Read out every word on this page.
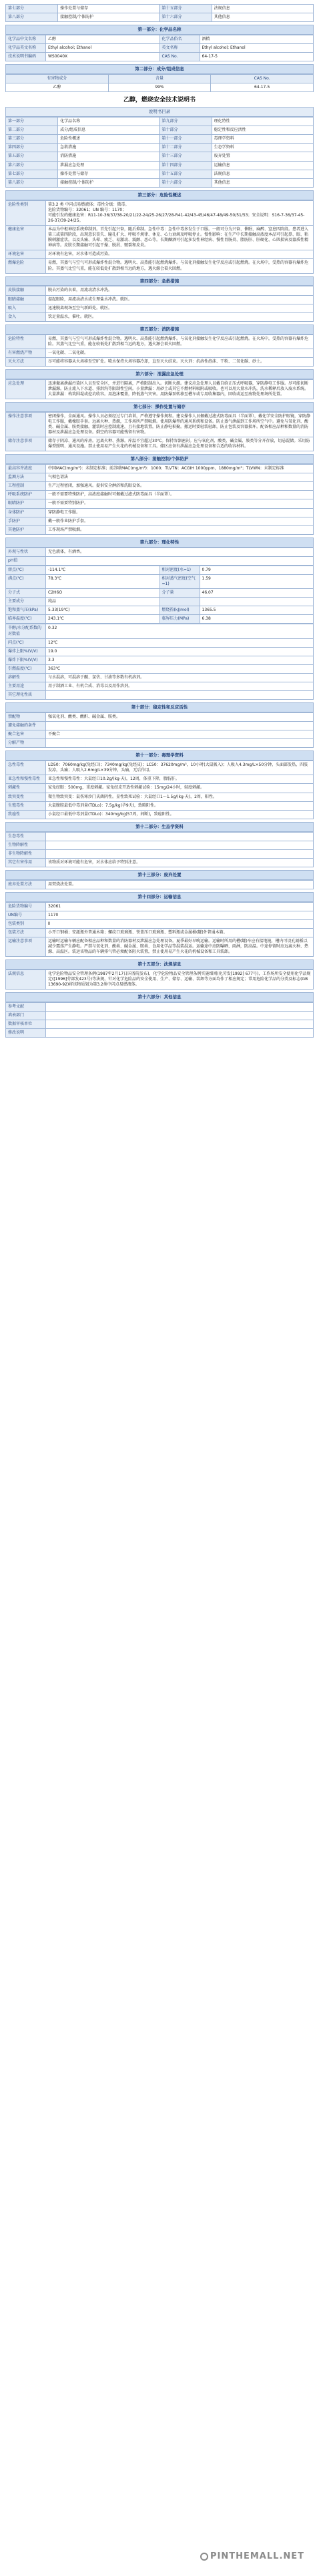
第七部分	操作处置与储存	第十五部分	法规信息
第八部分	接触控制/个体防护	第十六部分	其他信息
第一部分：化学品名称
化学品中文名称	乙醇	化学品俗名	酒精
化学品英文名称	Ethyl alcohol; Ethanol	英文名称	Ethyl alcohol; Ethanol
技术说明书编码	WS0040X	CAS No.	64-17-5
第二部分：成分/组成信息
有害物成分	含量	CAS No.
乙醇	99%	64-17-5
乙醇，燃烧安全技术说明书
说明书目录
第一部分	化学品名称	第九部分	理化特性
第二部分	成分/组成信息	第十部分	稳定性和反应活性
第三部分	危险性概述	第十一部分	毒理学资料
第四部分	急救措施	第十二部分	生态学资料
第五部分	消防措施	第十三部分	废弃处置
第六部分	泄漏应急处理	第十四部分	运输信息
第七部分	操作处置与储存	第十五部分	法规信息
第八部分	接触控制/个体防护	第十六部分	其他信息
第三部分：危险性概述
危险性类别	第3.2 类 中闪点易燃液体；毒性分级：微毒。
危险货物编号：32061；UN 编号：1170；
可能引发的健康危害：R11-10-36/37/38-20/21/22-24/25-26/27/28-R41-42/43-45/46/47-48/49-50/51/53；安全说明：S16-7-36/37-45-26-37/39-24/25。
健康危害	本品为中枢神经系统抑制剂。首先引起兴奋，随后抑制。急性中毒：急性中毒多发生于口服。一般可分为兴奋、催眠、麻醉、窒息四阶段。患者进入第三或第四阶段，出现意识丧失、瞳孔扩大、呼吸不规律、休克、心力衰竭及呼吸停止。慢性影响：在生产中长期接触高浓度本品可引起鼻、眼、粘膜刺激症状，以及头痛、头晕、疲乏、易激动、震颤、恶心等。长期酗酒可引起多发性神经病、慢性胃肠炎、脂肪肝、肝硬化、心肌损害及器质性精神病等。皮肤长期接触可引起干燥、脱屑、皲裂和皮炎。
环境危害	对环境有危害，对水体可造成污染。
燃爆危险	易燃，其蒸气与空气可形成爆炸性混合物。遇明火、高热能引起燃烧爆炸。与氧化剂接触发生化学反应或引起燃烧。在火场中，受热的容器有爆炸危险。其蒸气比空气重，能在较低处扩散到相当远的地方，遇火源会着火回燃。
第四部分：急救措施
皮肤接触	脱去污染的衣着，用流动清水冲洗。
眼睛接触	提起眼睑，用流动清水或生理盐水冲洗。就医。
吸入	迅速脱离现场至空气新鲜处。就医。
食入	饮足量温水，催吐。就医。
第五部分：消防措施
危险特性	易燃，其蒸气与空气可形成爆炸性混合物。遇明火、高热能引起燃烧爆炸。与氧化剂接触发生化学反应或引起燃烧。在火场中，受热的容器有爆炸危险。其蒸气比空气重，能在较低处扩散到相当远的地方，遇火源会着火回燃。
有害燃烧产物	一氧化碳、二氧化碳。
灭火方法	尽可能将容器从火场移至空旷处。喷水保持火场容器冷却，直至灭火结束。灭火剂：抗溶性泡沫、干粉、二氧化碳、砂土。
第六部分：泄漏应急处理
应急处理	迅速撤离泄漏污染区人员至安全区，并进行隔离，严格限制出入。切断火源。建议应急处理人员戴自给正压式呼吸器，穿防静电工作服。尽可能切断泄漏源。防止流入下水道、排洪沟等限制性空间。小量泄漏：用砂土或其它不燃材料吸附或吸收。也可以用大量水冲洗，洗水稀释后放入废水系统。大量泄漏：构筑围堤或挖坑收容。用泡沫覆盖，降低蒸气灾害。用防爆泵转移至槽车或专用收集器内，回收或运至废物处理场所处置。
第七部分：操作处置与储存
操作注意事项	密闭操作，全面通风。操作人员必须经过专门培训，严格遵守操作规程。建议操作人员佩戴过滤式防毒面具（半面罩），戴化学安全防护眼镜，穿防静电工作服，戴橡胶手套。远离火种、热源，工作场所严禁吸烟。使用防爆型的通风系统和设备。防止蒸气泄漏到工作场所空气中。避免与氧化剂、酸类、碱金属、胺类接触。灌装时应控制流速，且有接地装置，防止静电积聚。搬运时要轻装轻卸，防止包装及容器损坏。配备相应品种和数量的消防器材及泄漏应急处理设备。倒空的容器可能残留有害物。
储存注意事项	储存于阴凉、通风的库房。远离火种、热源。库温不宜超过30℃。保持容器密封。应与氧化剂、酸类、碱金属、胺类等分开存放，切忌混储。采用防爆型照明、通风设施。禁止使用易产生火花的机械设备和工具。储区应备有泄漏应急处理设备和合适的收容材料。
第八部分：接触控制/个体防护
最高容许浓度	中国MAC(mg/m³)：未制定标准；前苏联MAC(mg/m³)：1000；TLVTN：ACGIH 1000ppm，1880mg/m³；TLVWN：未制定标准
监测方法	气相色谱法
工程控制	生产过程密闭，加强通风。提供安全淋浴和洗眼设备。
呼吸系统防护	一般不需要特殊防护，高浓度接触时可佩戴过滤式防毒面具（半面罩）。
眼睛防护	一般不需要特别防护。
身体防护	穿防静电工作服。
手防护	戴一般作业防护手套。
其他防护	工作现场严禁吸烟。
第九部分：理化特性
外观与性状	无色液体，有酒香。
pH值	
熔点(℃)	-114.1℃	相对密度(水=1)	0.79
沸点(℃)	78.3℃	相对蒸气密度(空气=1)	1.59
分子式	C2H6O	分子量	46.07
主要成分	纯品		
饱和蒸气压(kPa)	5.33(19℃)	燃烧热(kJ/mol)	1365.5
临界温度(℃)	243.1℃	临界压力(MPa)	6.38
辛醇/水分配系数的对数值	0.32
闪点(℃)	12℃
爆炸上限%(V/V)	19.0
爆炸下限%(V/V)	3.3
引燃温度(℃)	363℃
溶解性	与水混溶，可混溶于醚、氯仿、甘油等多数有机溶剂。
主要用途	用于制酒工业、有机合成、消毒以及用作溶剂。
其它理化性质	
第十部分：稳定性和反应活性
禁配物	强氧化剂、酸类、酸酐、碱金属、胺类。
避免接触的条件	
聚合危害	不聚合
分解产物	
第十一部分：毒理学资料
急性毒性	LD50：7060mg/kg(兔经口)；7340mg/kg(兔经皮)；LC50：37620mg/m³，10小时(大鼠吸入)；人吸入4.3mg/L×50分钟，头面部发热，四肢发凉，头痛；人吸入2.6mg/L×39分钟，头痛，无后作用。
亚急性和慢性毒性	亚急性和慢性毒性：大鼠经口10.2g/(kg·天)，12周，体重下降，脂肪肝。
刺激性	家兔经眼：500mg，重度刺激。家兔经皮开放性刺激试验：15mg/24小时，轻度刺激。
致突变性	微生物致突变：鼠伤寒沙门氏菌阴性。显性致死试验：大鼠经口1～1.5g/(kg·天)，2周，阳性。
生殖毒性	大鼠腹腔最低中毒剂量(TDLo)：7.5g/kg(孕9天)，致畸阳性。
致癌性	小鼠经口最低中毒剂量(TDLo)：340mg/kg(57周，间断)，致癌阳性。
第十二部分：生态学资料
生态毒性	
生物降解性	
非生物降解性	
其它有害作用	该物质对环境可能有危害，对水体应给予特别注意。
第十三部分：废弃处置
废弃处置方法	用焚烧法处置。
第十四部分：运输信息
危险货物编号	32061
UN编号	1170
包装类别	Ⅱ
包装方法	小开口钢桶；安瓿瓶外普通木箱；螺纹口玻璃瓶、铁盖压口玻璃瓶、塑料瓶或金属桶(罐)外普通木箱。
运输注意事项	运输时运输车辆应配备相应品种和数量的消防器材及泄漏应急处理设备。夏季最好早晚运输。运输时所用的槽(罐)车应有接地链，槽内可设孔隔板以减少震荡产生静电。严禁与氧化剂、酸类、碱金属、胺类、食用化学品等混装混运。运输途中应防曝晒、雨淋，防高温。中途停留时应远离火种、热源、高温区。装运该物品的车辆排气管必须配备阻火装置，禁止使用易产生火花的机械设备和工具装卸。
第十五部分：法规信息
法规信息	化学危险物品安全管理条例(1987年2月17日国务院发布)，化学危险物品安全管理条例实施细则(化劳发[1992] 677号)，工作场所安全使用化学品规定([1996]劳部发423号)等法规，针对化学危险品的安全使用、生产、储存、运输、装卸等方面均作了相应规定；常用危险化学品的分类及标志(GB 13690-92)将该物质划为第3.2类中闪点易燃液体。
第十六部分：其他信息
参考文献	
填表部门	
数据审核单位	
修改说明	
PINTHEMALL.NET
